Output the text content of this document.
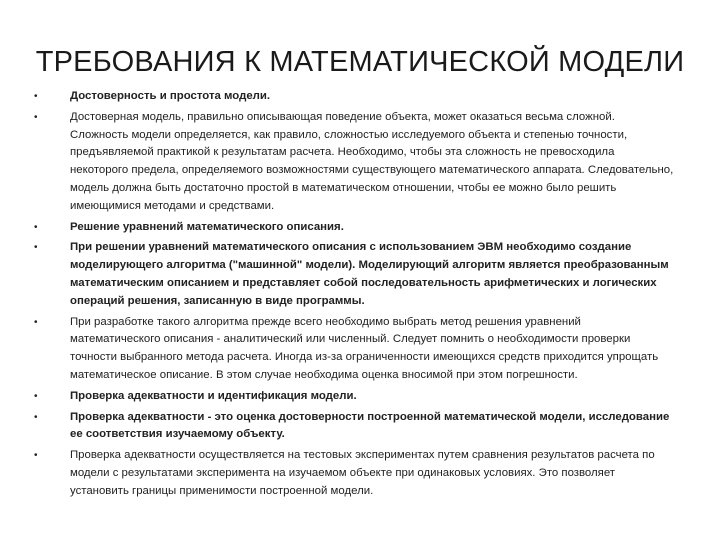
ТРЕБОВАНИЯ К МАТЕМАТИЧЕСКОЙ МОДЕЛИ
•	Достоверность и простота модели.
•	Достоверная модель, правильно описывающая поведение объекта, может оказаться весьма сложной. Сложность модели определяется, как правило, сложностью исследуемого объекта и степенью точности, предъявляемой практикой к результатам расчета. Необходимо, чтобы эта сложность не превосходила некоторого предела, определяемого возможностями существующего математического аппарата. Следовательно, модель должна быть достаточно простой в математическом отношении, чтобы ее можно было решить имеющимися методами и средствами.
•	Решение уравнений математического описания.
•	При решении уравнений математического описания с использованием ЭВМ необходимо создание моделирующего алгоритма ("машинной" модели). Моделирующий алгоритм является преобразованным математическим описанием и представляет собой последовательность арифметических и логических операций решения, записанную в виде программы.
•	При разработке такого алгоритма прежде всего необходимо выбрать метод решения уравнений математического описания - аналитический или численный. Следует помнить о необходимости проверки точности выбранного метода расчета. Иногда из-за ограниченности имеющихся средств приходится упрощать математическое описание. В этом случае необходима оценка вносимой при этом погрешности.
•	Проверка адекватности и идентификация модели.
•	Проверка адекватности - это оценка достоверности построенной математической модели, исследование ее соответствия изучаемому объекту.
•	Проверка адекватности осуществляется на тестовых экспериментах путем сравнения результатов расчета по модели с результатами эксперимента на изучаемом объекте при одинаковых условиях. Это позволяет установить границы применимости построенной модели.
